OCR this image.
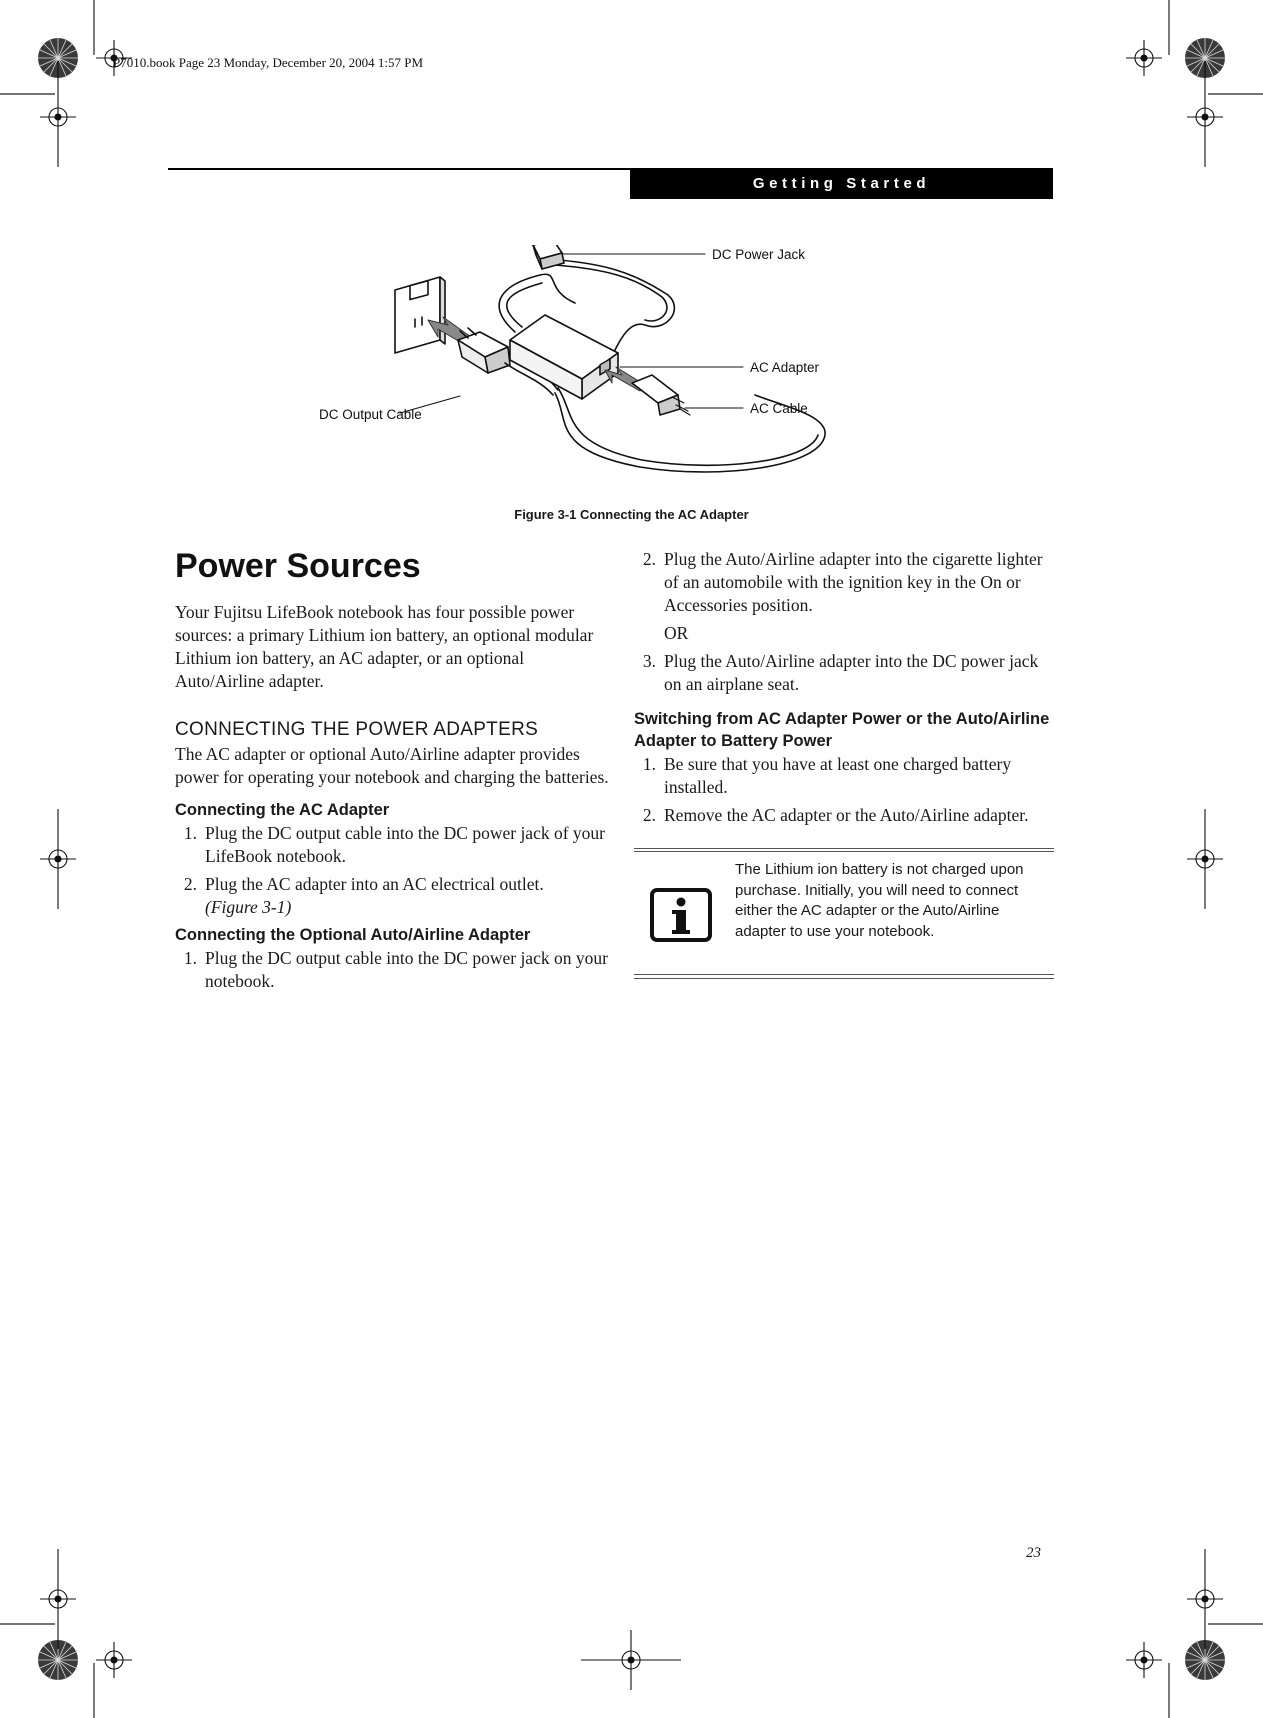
P7010.book Page 23 Monday, December 20, 2004 1:57 PM
Getting Started
DC Power Jack
AC Adapter
AC Cable
DC Output Cable
Figure 3-1 Connecting the AC Adapter
Power Sources

Your Fujitsu LifeBook notebook has four possible power sources: a primary Lithium ion battery, an optional modular Lithium ion battery, an AC adapter, or an optional Auto/Airline adapter.

CONNECTING THE POWER ADAPTERS

The AC adapter or optional Auto/Airline adapter provides power for operating your notebook and charging the batteries.

Connecting the AC Adapter
1. Plug the DC output cable into the DC power jack of your LifeBook notebook.
2. Plug the AC adapter into an AC electrical outlet.
(Figure 3-1)
Connecting the Optional Auto/Airline Adapter
1. Plug the DC output cable into the DC power jack on your notebook.
2. Plug the Auto/Airline adapter into the cigarette lighter of an automobile with the ignition key in the On or Accessories position.
OR
3. Plug the Auto/Airline adapter into the DC power jack on an airplane seat.
Switching from AC Adapter Power or the Auto/Airline Adapter to Battery Power
1. Be sure that you have at least one charged battery installed.
2. Remove the AC adapter or the Auto/Airline adapter.
The Lithium ion battery is not charged upon purchase. Initially, you will need to connect either the AC adapter or the Auto/Airline adapter to use your notebook.
23
